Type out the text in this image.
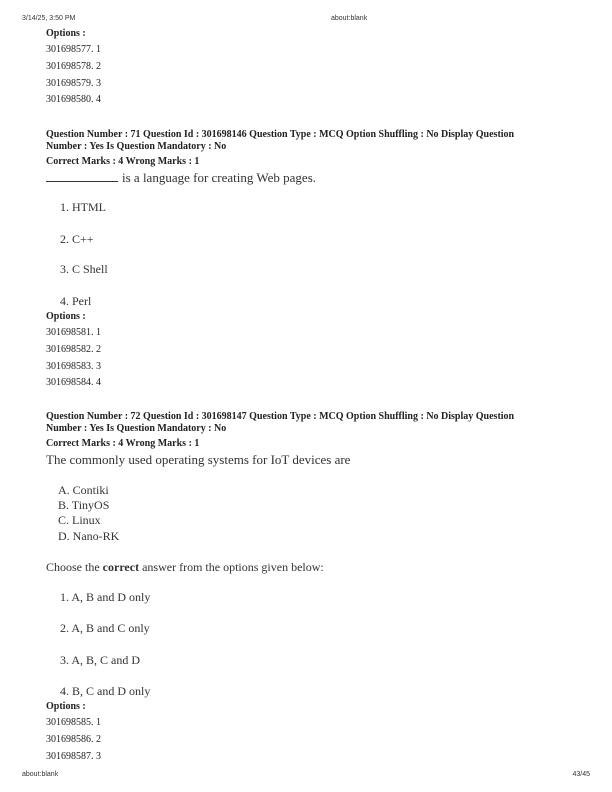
3/14/25, 3:50 PM	about:blank
Options :
301698577. 1
301698578. 2
301698579. 3
301698580. 4
Question Number : 71 Question Id : 301698146 Question Type : MCQ Option Shuffling : No Display Question
Number : Yes Is Question Mandatory : No
Correct Marks : 4 Wrong Marks : 1
is a language for creating Web pages.
1. HTML
2. C++
3. C Shell
4. Perl
Options :
301698581. 1
301698582. 2
301698583. 3
301698584. 4
Question Number : 72 Question Id : 301698147 Question Type : MCQ Option Shuffling : No Display Question
Number : Yes Is Question Mandatory : No
Correct Marks : 4 Wrong Marks : 1
The commonly used operating systems for IoT devices are
A. Contiki
B. TinyOS
C. Linux
D. Nano-RK
Choose the correct answer from the options given below:
1. A, B and D only
2. A, B and C only
3. A, B, C and D
4. B, C and D only
Options :
301698585. 1
301698586. 2
301698587. 3
about:blank	43/45
